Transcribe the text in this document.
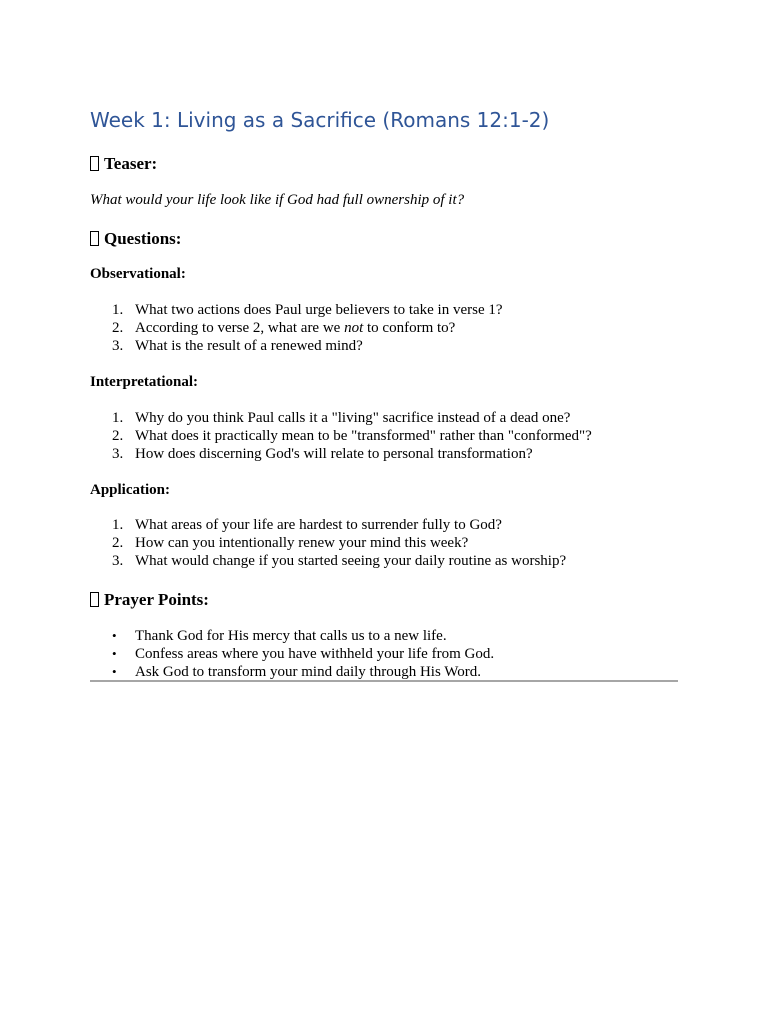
Week 1: Living as a Sacrifice (Romans 12:1-2)
Teaser:

What would your life look like if God had full ownership of it?

Questions:

Observational:

1. What two actions does Paul urge believers to take in verse 1?
2. According to verse 2, what are we not to conform to?
3. What is the result of a renewed mind?

Interpretational:

1. Why do you think Paul calls it a "living" sacrifice instead of a dead one?
2. What does it practically mean to be "transformed" rather than "conformed"?
3. How does discerning God's will relate to personal transformation?

Application:

1. What areas of your life are hardest to surrender fully to God?
2. How can you intentionally renew your mind this week?
3. What would change if you started seeing your daily routine as worship?
Prayer Points:
• Thank God for His mercy that calls us to a new life.
• Confess areas where you have withheld your life from God.
• Ask God to transform your mind daily through His Word.
